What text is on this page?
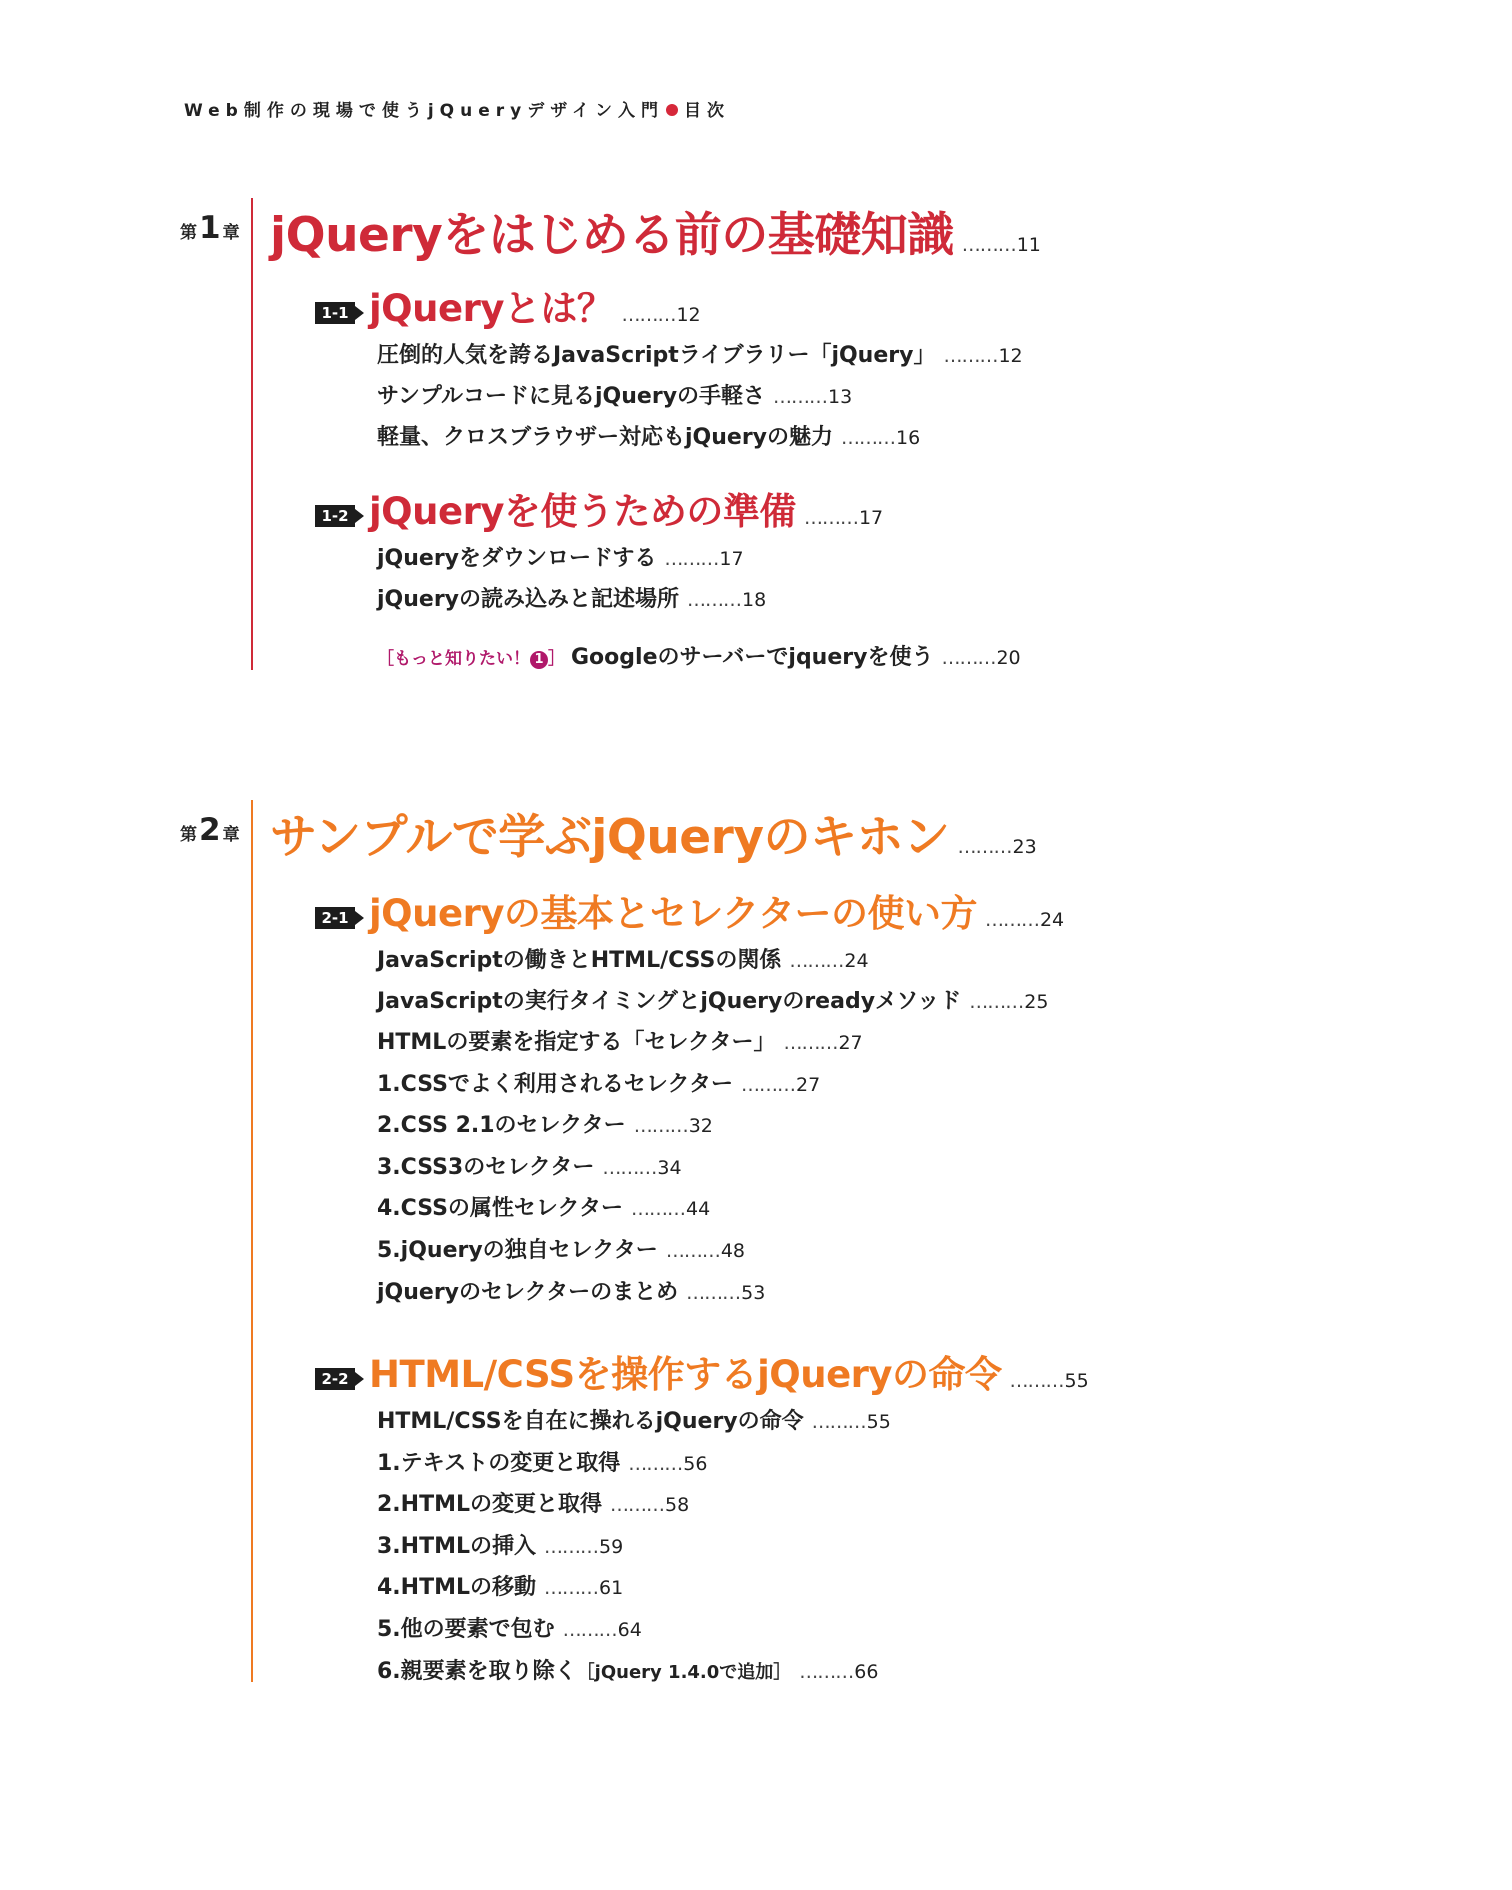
Web制作の現場で使うjQueryデザイン入門 目次
第1 章 jQueryをはじめる前の基礎知識 ………11
1-1 jQueryとは？ ………12
圧倒的人気を誇るJavaScriptライブラリー「jQuery」 ………12
サンプルコードに見るjQueryの手軽さ ………13
軽量、クロスブラウザー対応もjQueryの魅力 ………16
1-2 jQueryを使うための準備 ………17
jQueryをダウンロードする ………17
jQueryの読み込みと記述場所 ………18
［もっと知りたい！ 1 ］ Googleのサーバーでjqueryを使う ………20
第2 章 サンプルで学ぶjQueryのキホン ………23
2-1 jQueryの基本とセレクターの使い方 ………24
JavaScriptの働きとHTML/CSSの関係 ………24
JavaScriptの実行タイミングとjQueryのreadyメソッド ………25
HTMLの要素を指定する「セレクター」 ………27
1.CSSでよく利用されるセレクター ………27
2.CSS 2.1のセレクター ………32
3.CSS3のセレクター ………34
4.CSSの属性セレクター ………44
5.jQueryの独自セレクター ………48
jQueryのセレクターのまとめ ………53
2-2 HTML/CSSを操作するjQueryの命令 ………55
HTML/CSSを自在に操れるjQueryの命令 ………55
1.テキストの変更と取得 ………56
2.HTMLの変更と取得 ………58
3.HTMLの挿入 ………59
4.HTMLの移動 ………61
5.他の要素で包む ………64
6.親要素を取り除く［jQuery 1.4.0で追加］ ………66
